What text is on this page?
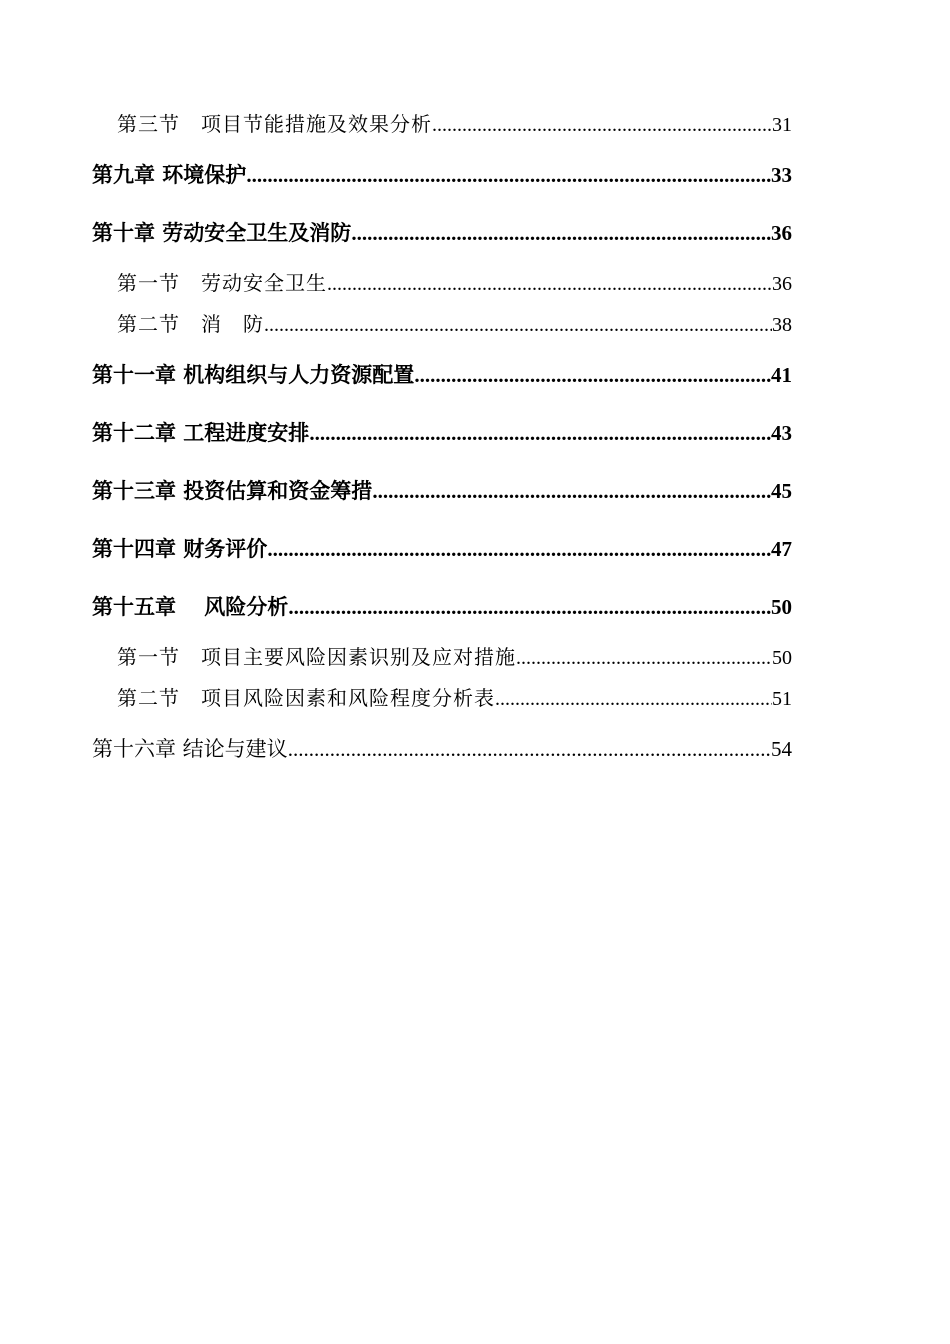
第三节　项目节能措施及效果分析 .....	31
第九章 环境保护 .....	33
第十章 劳动安全卫生及消防 .....	36
第一节　劳动安全卫生 .....	36
第二节　消　防 .....	38
第十一章 机构组织与人力资源配置 .....	41
第十二章 工程进度安排 .....	43
第十三章 投资估算和资金筹措 .....	45
第十四章 财务评价 .....	47
第十五章 　风险分析 .....	50
第一节　项目主要风险因素识别及应对措施 .....	50
第二节　项目风险因素和风险程度分析表 .....	51
第十六章 结论与建议 .....	54
